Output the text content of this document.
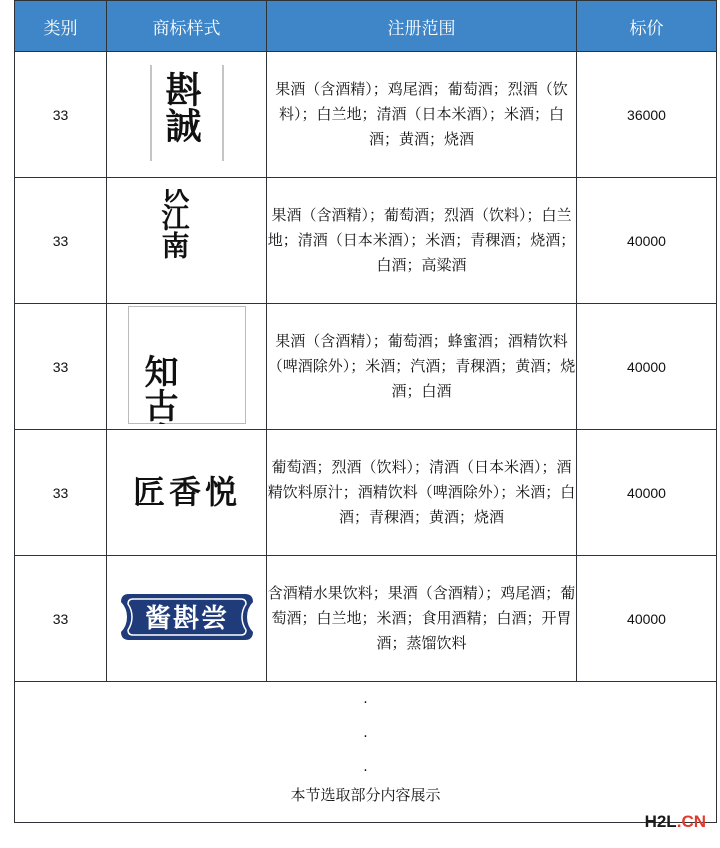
类别	商标样式	注册范围	标价
33	斟誠	果酒（含酒精）；鸡尾酒；葡萄酒；烈酒（饮料）；白兰地；清酒（日本米酒）；米酒；白酒；黄酒；烧酒	36000
33	饮江南	果酒（含酒精）；葡萄酒；烈酒（饮料）；白兰地；清酒（日本米酒）；米酒；青稞酒；烧酒；白酒；高粱酒	40000
33	知古今	果酒（含酒精）；葡萄酒；蜂蜜酒；酒精饮料（啤酒除外）；米酒；汽酒；青稞酒；黄酒；烧酒；白酒	40000
33	匠香悦	葡萄酒；烈酒（饮料）；清酒（日本米酒）；酒精饮料原汁；酒精饮料（啤酒除外）；米酒；白酒；青稞酒；黄酒；烧酒	40000
33	酱斟尝	含酒精水果饮料；果酒（含酒精）；鸡尾酒；葡萄酒；白兰地；米酒；食用酒精；白酒；开胃酒；蒸馏饮料	40000

.
.
.
本节选取部分内容展示			
H2L.CN
